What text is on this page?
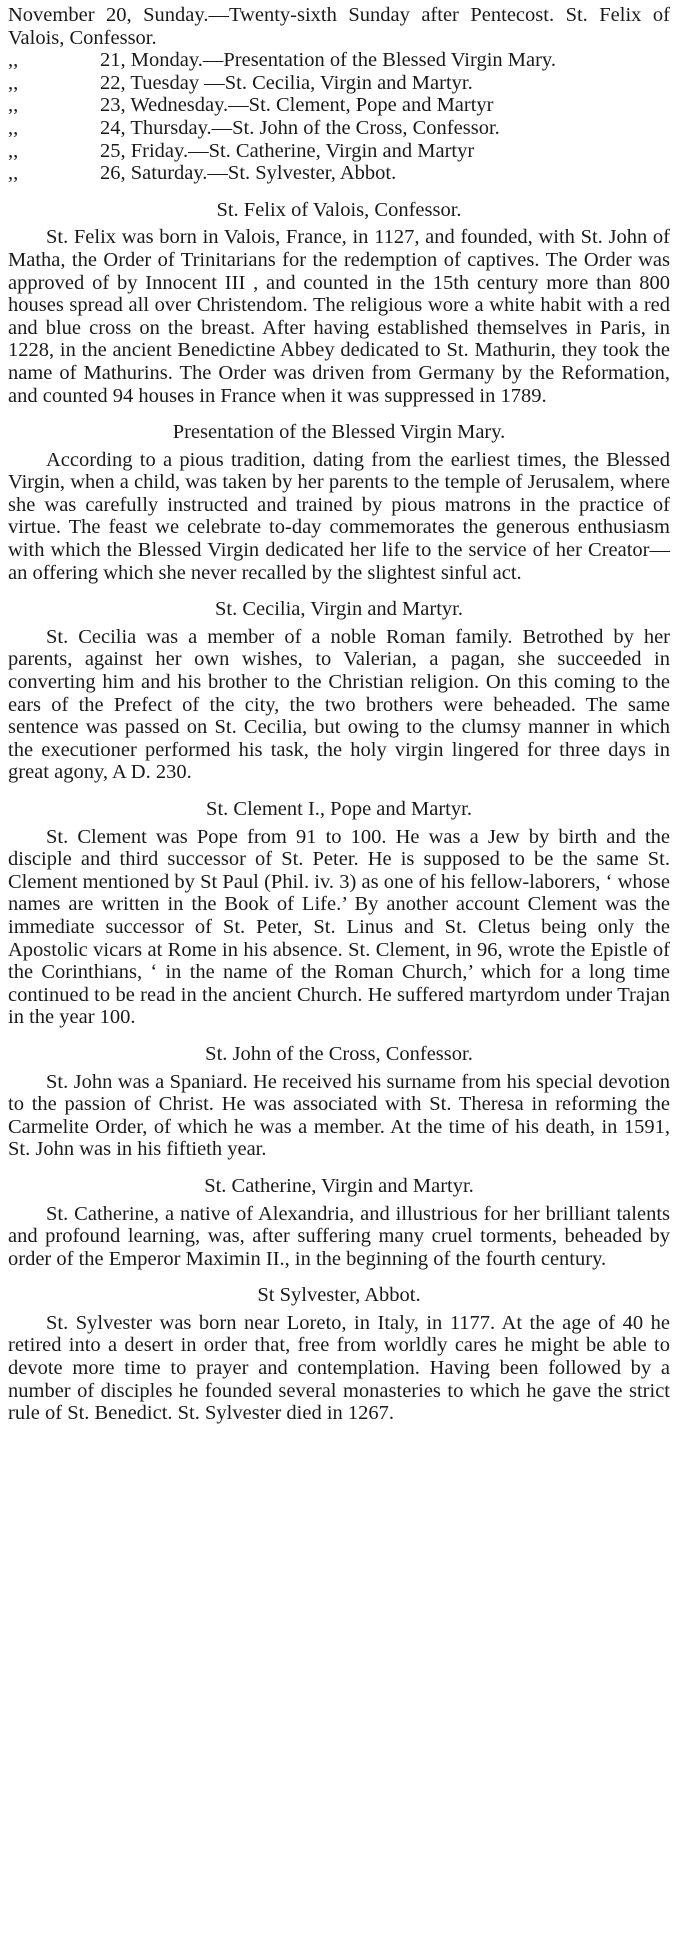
November 20, Sunday.—Twenty-sixth Sunday after Pentecost. St. Felix of Valois, Confessor.
,,	21, Monday.—Presentation of the Blessed Virgin Mary.
,,	22, Tuesday —St. Cecilia, Virgin and Martyr.
,,	23, Wednesday.—St. Clement, Pope and Martyr
,,	24, Thursday.—St. John of the Cross, Confessor.
,,	25, Friday.—St. Catherine, Virgin and Martyr
,,	26, Saturday.—St. Sylvester, Abbot.
St. Felix of Valois, Confessor.

St. Felix was born in Valois, France, in 1127, and founded, with St. John of Matha, the Order of Trinitarians for the redemption of captives. The Order was approved of by Innocent III , and counted in the 15th century more than 800 houses spread all over Christendom. The religious wore a white habit with a red and blue cross on the breast. After having established themselves in Paris, in 1228, in the ancient Benedictine Abbey dedicated to St. Mathurin, they took the name of Mathurins. The Order was driven from Germany by the Reformation, and counted 94 houses in France when it was suppressed in 1789.

Presentation of the Blessed Virgin Mary.

According to a pious tradition, dating from the earliest times, the Blessed Virgin, when a child, was taken by her parents to the temple of Jerusalem, where she was carefully instructed and trained by pious matrons in the practice of virtue. The feast we celebrate to-day commemorates the generous enthusiasm with which the Blessed Virgin dedicated her life to the service of her Creator—an offering which she never recalled by the slightest sinful act.

St. Cecilia, Virgin and Martyr.

St. Cecilia was a member of a noble Roman family. Betrothed by her parents, against her own wishes, to Valerian, a pagan, she succeeded in converting him and his brother to the Christian religion. On this coming to the ears of the Prefect of the city, the two brothers were beheaded. The same sentence was passed on St. Cecilia, but owing to the clumsy manner in which the executioner performed his task, the holy virgin lingered for three days in great agony, A D. 230.

St. Clement I., Pope and Martyr.

St. Clement was Pope from 91 to 100. He was a Jew by birth and the disciple and third successor of St. Peter. He is supposed to be the same St. Clement mentioned by St Paul (Phil. iv. 3) as one of his fellow-laborers, ‘ whose names are written in the Book of Life.’ By another account Clement was the immediate successor of St. Peter, St. Linus and St. Cletus being only the Apostolic vicars at Rome in his absence. St. Clement, in 96, wrote the Epistle of the Corinthians, ‘ in the name of the Roman Church,’ which for a long time continued to be read in the ancient Church. He suffered martyrdom under Trajan in the year 100.

St. John of the Cross, Confessor.

St. John was a Spaniard. He received his surname from his special devotion to the passion of Christ. He was associated with St. Theresa in reforming the Carmelite Order, of which he was a member. At the time of his death, in 1591, St. John was in his fiftieth year.

St. Catherine, Virgin and Martyr.

St. Catherine, a native of Alexandria, and illustrious for her brilliant talents and profound learning, was, after suffering many cruel torments, beheaded by order of the Emperor Maximin II., in the beginning of the fourth century.

St Sylvester, Abbot.

St. Sylvester was born near Loreto, in Italy, in 1177. At the age of 40 he retired into a desert in order that, free from worldly cares he might be able to devote more time to prayer and contemplation. Having been followed by a number of disciples he founded several monasteries to which he gave the strict rule of St. Benedict. St. Sylvester died in 1267.
